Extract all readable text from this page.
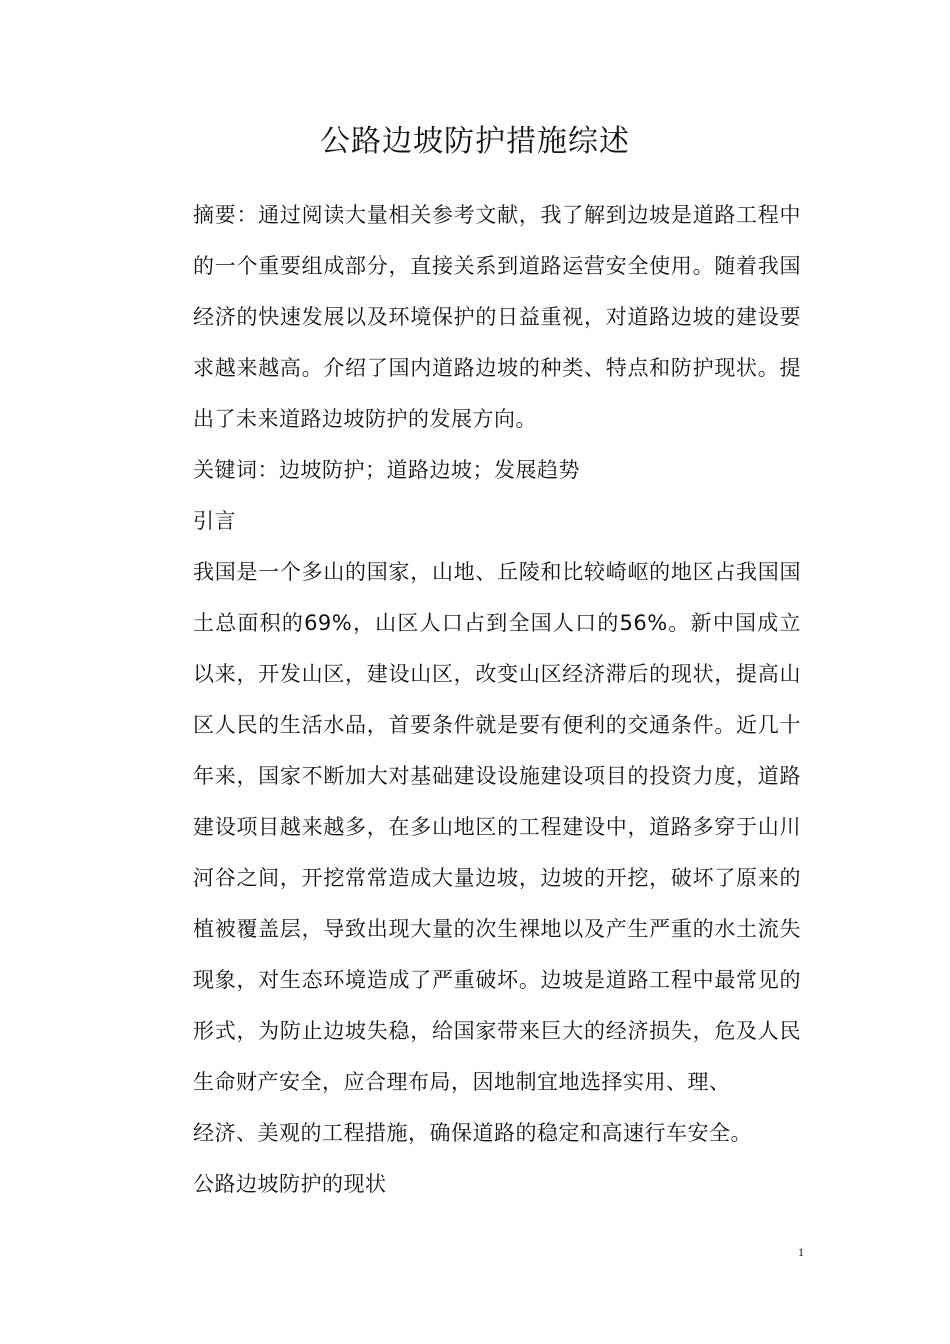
公路边坡防护措施综述

摘要：通过阅读大量相关参考文献，我了解到边坡是道路工程中的一个重要组成部分，直接关系到道路运营安全使用。随着我国经济的快速发展以及环境保护的日益重视，对道路边坡的建设要求越来越高。介绍了国内道路边坡的种类、特点和防护现状。提出了未来道路边坡防护的发展方向。

关键词：边坡防护；道路边坡；发展趋势

引言

我国是一个多山的国家，山地、丘陵和比较崎岖的地区占我国国土总面积的69%，山区人口占到全国人口的56%。新中国成立以来，开发山区，建设山区，改变山区经济滞后的现状，提高山区人民的生活水品，首要条件就是要有便利的交通条件。近几十年来，国家不断加大对基础建设设施建设项目的投资力度，道路建设项目越来越多，在多山地区的工程建设中，道路多穿于山川河谷之间，开挖常常造成大量边坡，边坡的开挖，破坏了原来的植被覆盖层，导致出现大量的次生裸地以及产生严重的水土流失现象，对生态环境造成了严重破坏。边坡是道路工程中最常见的形式，为防止边坡失稳，给国家带来巨大的经济损失，危及人民生命财产安全，应合理布局，因地制宜地选择实用、理、

经济、美观的工程措施，确保道路的稳定和高速行车安全。

公路边坡防护的现状

1
